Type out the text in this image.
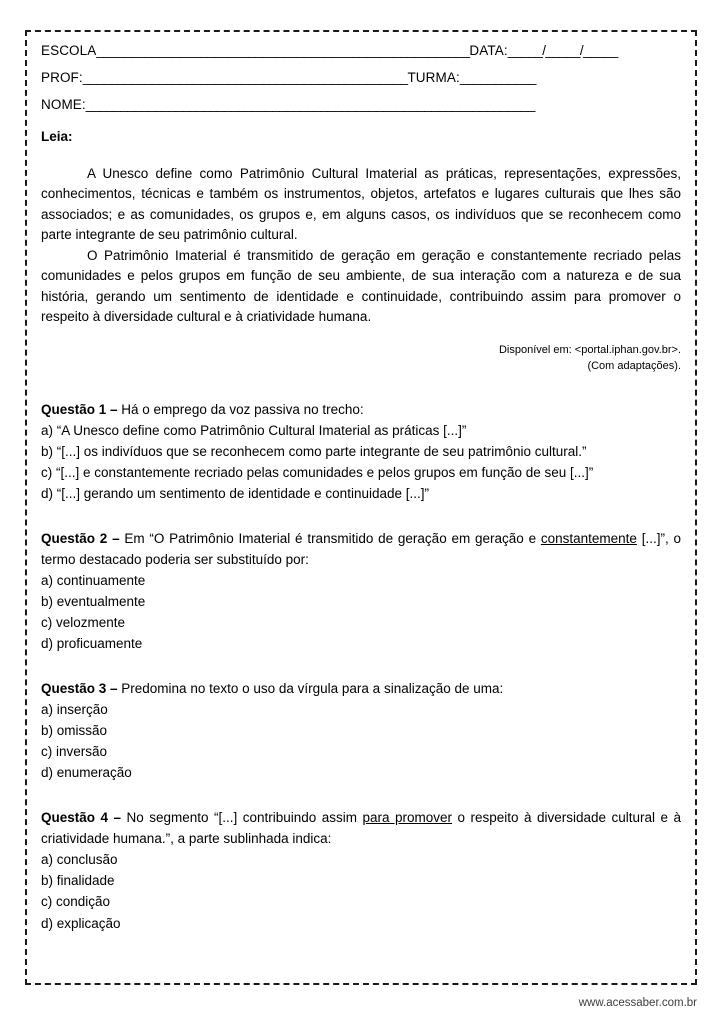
ESCOLA______________________________________________________DATA:_____/_____/_____
PROF:_______________________________________________TURMA:___________
NOME:_________________________________________________________________
Leia:

A Unesco define como Patrimônio Cultural Imaterial as práticas, representações, expressões, conhecimentos, técnicas e também os instrumentos, objetos, artefatos e lugares culturais que lhes são associados; e as comunidades, os grupos e, em alguns casos, os indivíduos que se reconhecem como parte integrante de seu patrimônio cultural.

O Patrimônio Imaterial é transmitido de geração em geração e constantemente recriado pelas comunidades e pelos grupos em função de seu ambiente, de sua interação com a natureza e de sua história, gerando um sentimento de identidade e continuidade, contribuindo assim para promover o respeito à diversidade cultural e à criatividade humana.

Disponível em: <portal.iphan.gov.br>.
(Com adaptações).

Questão 1 – Há o emprego da voz passiva no trecho:

a) “A Unesco define como Patrimônio Cultural Imaterial as práticas [...]”

b) “[...] os indivíduos que se reconhecem como parte integrante de seu patrimônio cultural.”

c) “[...] e constantemente recriado pelas comunidades e pelos grupos em função de seu [...]”

d) “[...] gerando um sentimento de identidade e continuidade [...]”

Questão 2 – Em “O Patrimônio Imaterial é transmitido de geração em geração e constantemente [...]”, o termo destacado poderia ser substituído por:

a) continuamente

b) eventualmente

c) velozmente

d) proficuamente

Questão 3 – Predomina no texto o uso da vírgula para a sinalização de uma:

a) inserção

b) omissão

c) inversão

d) enumeração

Questão 4 – No segmento “[...] contribuindo assim para promover o respeito à diversidade cultural e à criatividade humana.”, a parte sublinhada indica:

a) conclusão

b) finalidade

c) condição

d) explicação

www.acessaber.com.br
